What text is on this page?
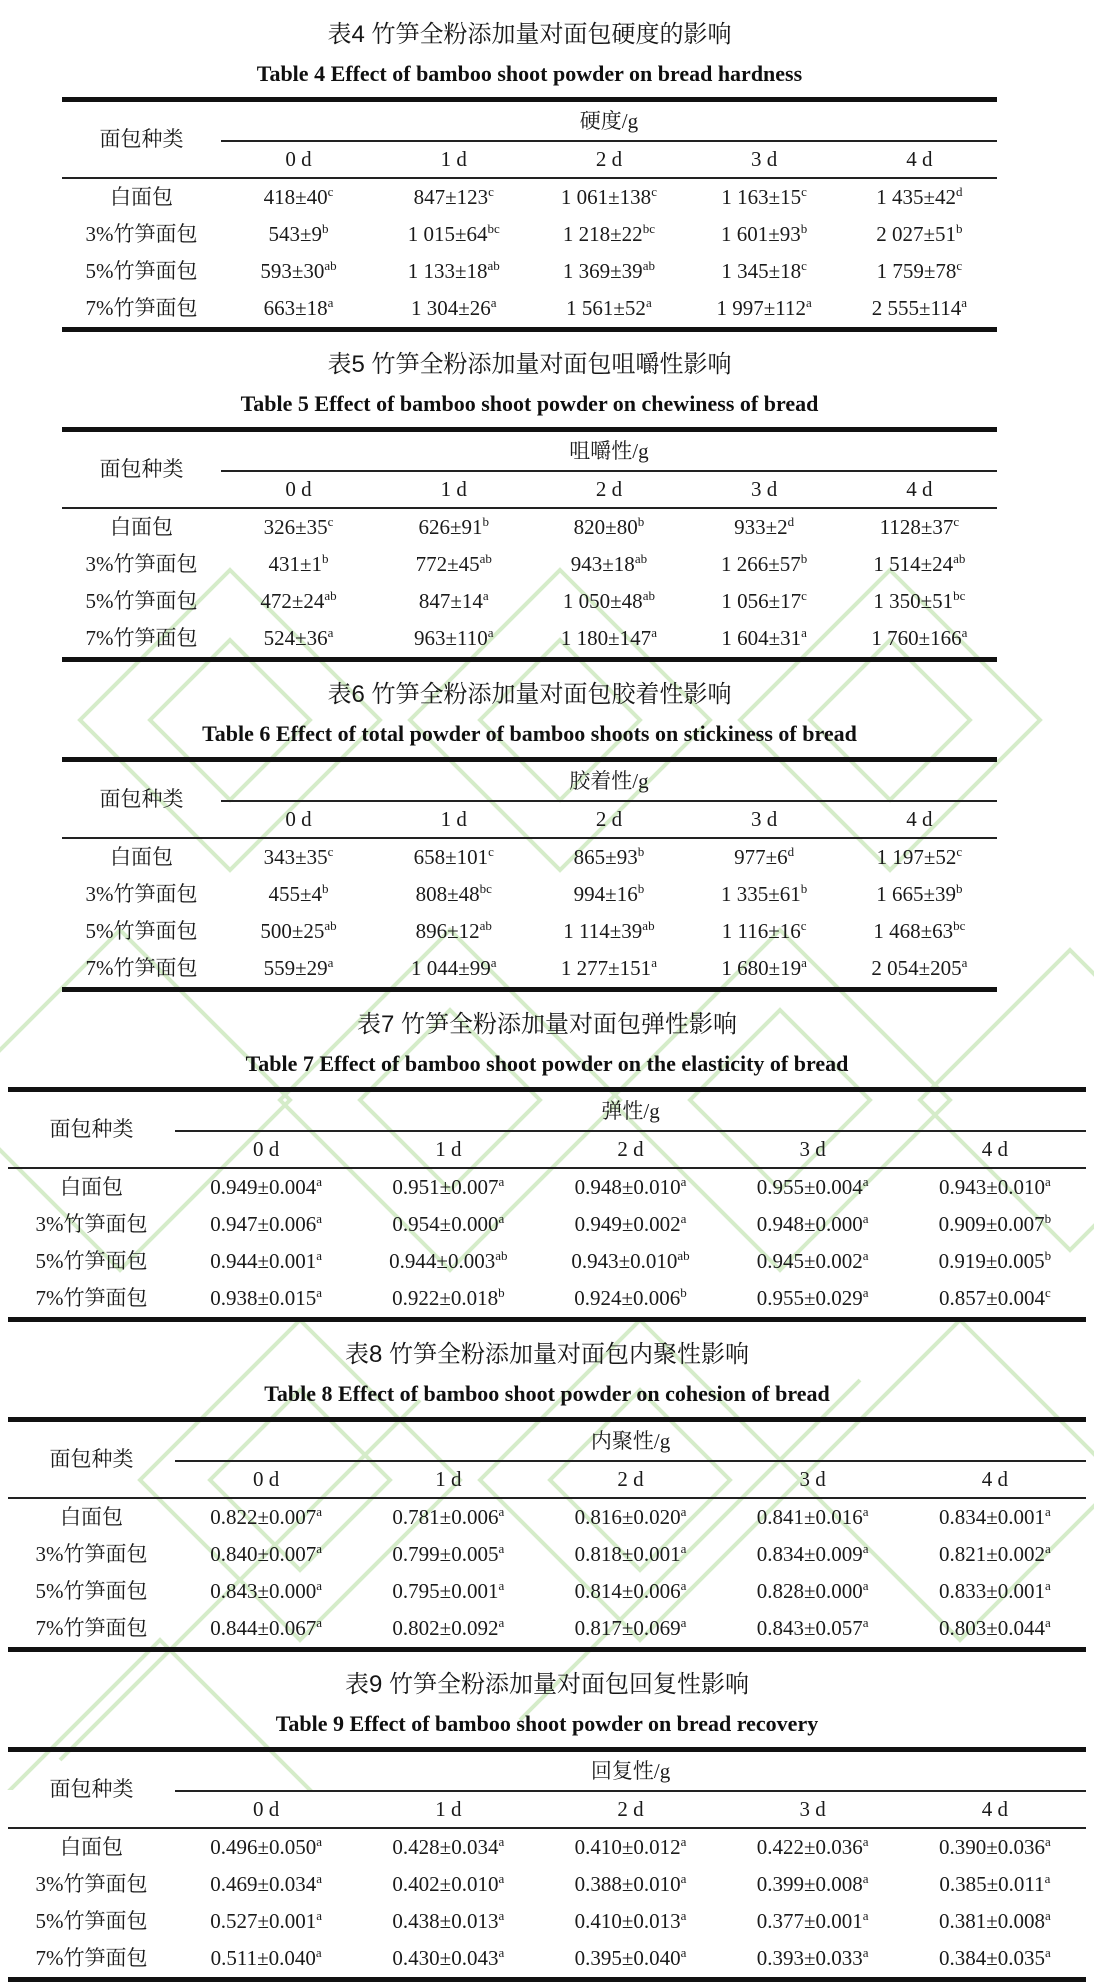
表4 竹笋全粉添加量对面包硬度的影响
Table 4 Effect of bamboo shoot powder on bread hardness
面包种类	硬度/g				
	0 d	1 d	2 d	3 d	4 d
白面包	$418\pm 40^c$	$847\pm 123^c$	1 $061\pm 138^c$	1 $163\pm 15^c$	1 $435\pm 42^d$
3%竹笋面包	$543\pm 9^b$	1 $015\pm 64^{bc}$	1 $218\pm 22^{bc}$	1 $601\pm 93^b$	2 $027\pm 51^b$
5%竹笋面包	$593\pm 30^{ab}$	1 $133\pm 18^{ab}$	1 $369\pm 39^{ab}$	1 $345\pm 18^c$	1 $759\pm 78^c$
7%竹笋面包	$663\pm 18^a$	1 $304\pm 26^a$	1 $561\pm 52^a$	1 $997\pm 112^a$	2 $555\pm 114^a$
表5 竹笋全粉添加量对面包咀嚼性影响
Table 5 Effect of bamboo shoot powder on chewiness of bread
面包种类	咀嚼性/g				
	0 d	1 d	2 d	3 d	4 d
白面包	$326\pm 35^c$	$626\pm 91^b$	$820\pm 80^b$	$933\pm 2^d$	$1128\pm 37^c$
3%竹笋面包	$431\pm 1^b$	$772\pm 45^{ab}$	$943\pm 18^{ab}$	1 $266\pm 57^b$	1 $514\pm 24^{ab}$
5%竹笋面包	$472\pm 24^{ab}$	$847\pm 14^a$	1 $050\pm 48^{ab}$	1 $056\pm 17^c$	1 $350\pm 51^{bc}$
7%竹笋面包	$524\pm 36^a$	$963\pm 110^a$	1 $180\pm 147^a$	1 $604\pm 31^a$	1 $760\pm 166^a$
表6 竹笋全粉添加量对面包胶着性影响
Table 6 Effect of total powder of bamboo shoots on stickiness of bread
面包种类	胶着性/g				
	0 d	1 d	2 d	3 d	4 d
白面包	$343\pm 35^c$	$658\pm 101^c$	$865\pm 93^b$	$977\pm 6^d$	1 $197\pm 52^c$
3%竹笋面包	$455\pm 4^b$	$808\pm 48^{bc}$	$994\pm 16^b$	1 $335\pm 61^b$	1 $665\pm 39^b$
5%竹笋面包	$500\pm 25^{ab}$	$896\pm 12^{ab}$	1 $114\pm 39^{ab}$	1 $116\pm 16^c$	1 $468\pm 63^{bc}$
7%竹笋面包	$559\pm 29^a$	1 $044\pm 99^a$	1 $277\pm 151^a$	1 $680\pm 19^a$	2 $054\pm 205^a$
表7 竹笋全粉添加量对面包弹性影响
Table 7 Effect of bamboo shoot powder on the elasticity of bread
面包种类	弹性/g				
	0 d	1 d	2 d	3 d	4 d
白面包	0.949±0.004$^a$	0.951±0.007$^a$	0.948±0.010$^a$	0.955±0.004$^a$	0.943±0.010$^a$
3%竹笋面包	0.947±0.006$^a$	0.954±0.000$^a$	0.949±0.002$^a$	0.948±0.000$^a$	0.909±0.007$^b$
5%竹笋面包	0.944±0.001$^a$	0.944±0.003$^{ab}$	0.943±0.010$^{ab}$	0.945±0.002$^a$	0.919±0.005$^b$
7%竹笋面包	0.938±0.015$^a$	0.922±0.018$^b$	0.924±0.006$^b$	0.955±0.029$^a$	0.857±0.004$^c$
表8 竹笋全粉添加量对面包内聚性影响
Table 8 Effect of bamboo shoot powder on cohesion of bread
面包种类	内聚性/g				
	0 d	1 d	2 d	3 d	4 d
白面包	0.822±0.007$^a$	0.781±0.006$^a$	0.816±0.020$^a$	0.841±0.016$^a$	0.834±0.001$^a$
3%竹笋面包	0.840±0.007$^a$	0.799±0.005$^a$	0.818±0.001$^a$	0.834±0.009$^a$	0.821±0.002$^a$
5%竹笋面包	0.843±0.000$^a$	0.795±0.001$^a$	0.814±0.006$^a$	0.828±0.000$^a$	0.833±0.001$^a$
7%竹笋面包	0.844±0.067$^a$	0.802±0.092$^a$	0.817±0.069$^a$	0.843±0.057$^a$	0.803±0.044$^a$
表9 竹笋全粉添加量对面包回复性影响
Table 9 Effect of bamboo shoot powder on bread recovery
面包种类	回复性/g				
	0 d	1 d	2 d	3 d	4 d
白面包	0.496±0.050$^a$	0.428±0.034$^a$	0.410±0.012$^a$	0.422±0.036$^a$	0.390±0.036$^a$
3%竹笋面包	0.469±0.034$^a$	0.402±0.010$^a$	0.388±0.010$^a$	0.399±0.008$^a$	0.385±0.011$^a$
5%竹笋面包	0.527±0.001$^a$	0.438±0.013$^a$	0.410±0.013$^a$	0.377±0.001$^a$	0.381±0.008$^a$
7%竹笋面包	0.511±0.040$^a$	0.430±0.043$^a$	0.395±0.040$^a$	0.393±0.033$^a$	0.384±0.035$^a$
